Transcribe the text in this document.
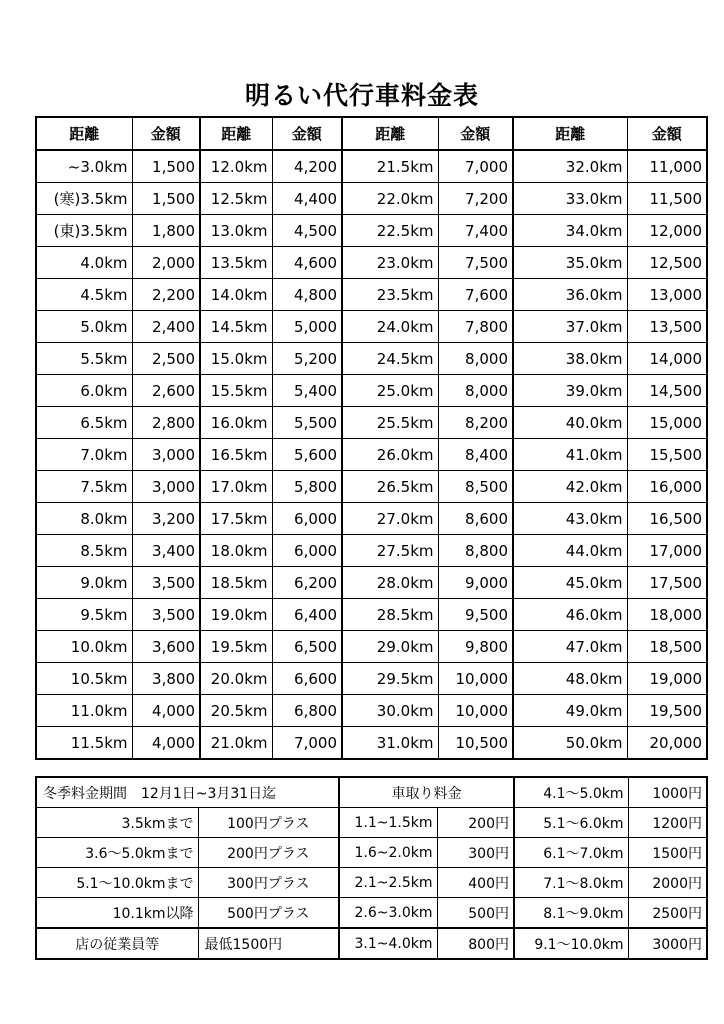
明るい代行車料金表
距離	金額	距離	金額	距離	金額	距離	金額
~3.0km	1,500	12.0km	4,200	21.5km	7,000	32.0km	11,000
(寒)3.5km	1,500	12.5km	4,400	22.0km	7,200	33.0km	11,500
(東)3.5km	1,800	13.0km	4,500	22.5km	7,400	34.0km	12,000
4.0km	2,000	13.5km	4,600	23.0km	7,500	35.0km	12,500
4.5km	2,200	14.0km	4,800	23.5km	7,600	36.0km	13,000
5.0km	2,400	14.5km	5,000	24.0km	7,800	37.0km	13,500
5.5km	2,500	15.0km	5,200	24.5km	8,000	38.0km	14,000
6.0km	2,600	15.5km	5,400	25.0km	8,000	39.0km	14,500
6.5km	2,800	16.0km	5,500	25.5km	8,200	40.0km	15,000
7.0km	3,000	16.5km	5,600	26.0km	8,400	41.0km	15,500
7.5km	3,000	17.0km	5,800	26.5km	8,500	42.0km	16,000
8.0km	3,200	17.5km	6,000	27.0km	8,600	43.0km	16,500
8.5km	3,400	18.0km	6,000	27.5km	8,800	44.0km	17,000
9.0km	3,500	18.5km	6,200	28.0km	9,000	45.0km	17,500
9.5km	3,500	19.0km	6,400	28.5km	9,500	46.0km	18,000
10.0km	3,600	19.5km	6,500	29.0km	9,800	47.0km	18,500
10.5km	3,800	20.0km	6,600	29.5km	10,000	48.0km	19,000
11.0km	4,000	20.5km	6,800	30.0km	10,000	49.0km	19,500
11.5km	4,000	21.0km	7,000	31.0km	10,500	50.0km	20,000
冬季料金期間　12月1日~3月31日迄		車取り料金		4.1～5.0km	1000円
3.5kmまで	100円プラス	1.1~1.5km	200円	5.1～6.0km	1200円
3.6～5.0kmまで	200円プラス	1.6~2.0km	300円	6.1～7.0km	1500円
5.1～10.0kmまで	300円プラス	2.1~2.5km	400円	7.1～8.0km	2000円
10.1km以降	500円プラス	2.6~3.0km	500円	8.1～9.0km	2500円
店の従業員等	最低1500円	3.1~4.0km	800円	9.1～10.0km	3000円
